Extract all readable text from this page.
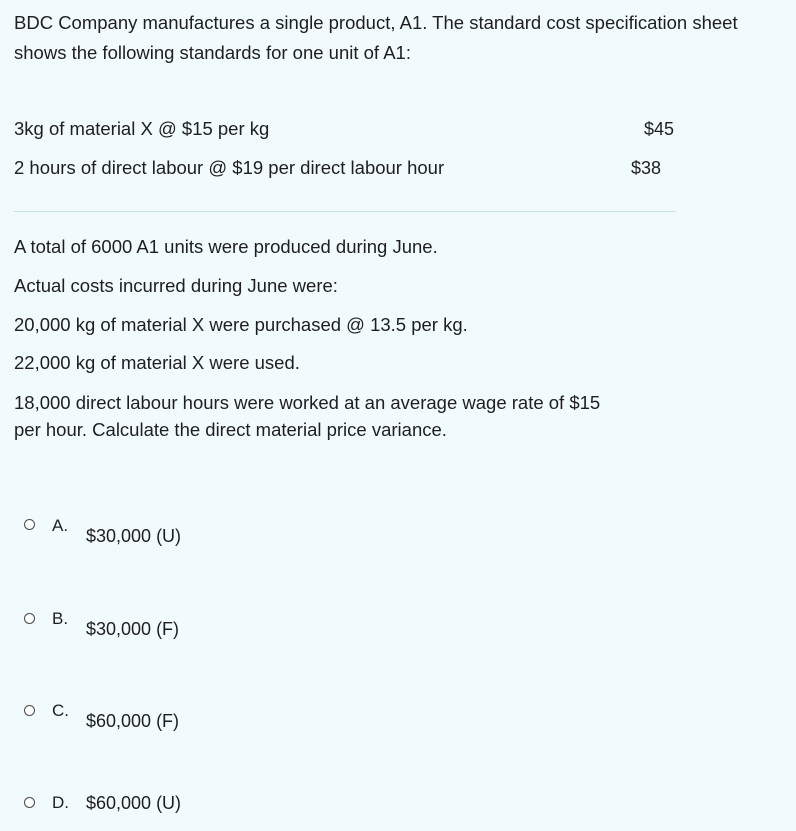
BDC Company manufactures a single product, A1. The standard cost specification sheet
shows the following standards for one unit of A1:
3kg of material X @ $15 per kg	$45
2 hours of direct labour @ $19 per direct labour hour	$38
A total of 6000 A1 units were produced during June.
Actual costs incurred during June were:
20,000 kg of material X were purchased @ 13.5 per kg.
22,000 kg of material X were used.
18,000 direct labour hours were worked at an average wage rate of $15
per hour. Calculate the direct material price variance.
A.
$30,000 (U)
B.
$30,000 (F)
C.
$60,000 (F)
D. $60,000 (U)
